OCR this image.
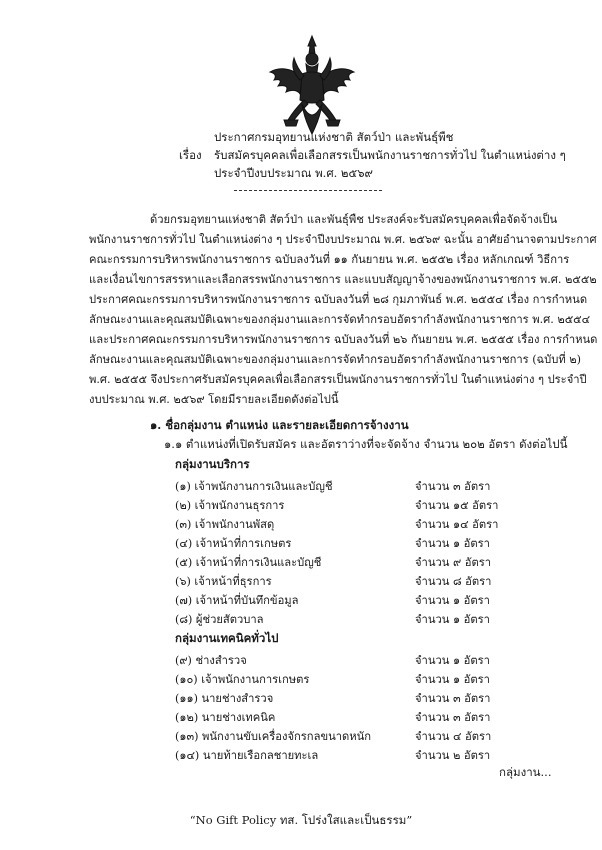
ประกาศกรมอุทยานแห่งชาติ สัตว์ป่า และพันธุ์พืช
เรื่อง รับสมัครบุคคลเพื่อเลือกสรรเป็นพนักงานราชการทั่วไป ในตำแหน่งต่าง ๆ
ประจำปีงบประมาณ พ.ศ. ๒๕๖๙
ด้วยกรมอุทยานแห่งชาติ สัตว์ป่า และพันธุ์พืช ประสงค์จะรับสมัครบุคคลเพื่อจัดจ้างเป็น
พนักงานราชการทั่วไป ในตำแหน่งต่าง ๆ ประจำปีงบประมาณ พ.ศ. ๒๕๖๙ ฉะนั้น อาศัยอำนาจตามประกาศ
คณะกรรมการบริหารพนักงานราชการ ฉบับลงวันที่ ๑๑ กันยายน พ.ศ. ๒๕๕๒ เรื่อง หลักเกณฑ์ วิธีการ
และเงื่อนไขการสรรหาและเลือกสรรพนักงานราชการ และแบบสัญญาจ้างของพนักงานราชการ พ.ศ. ๒๕๕๒
ประกาศคณะกรรมการบริหารพนักงานราชการ ฉบับลงวันที่ ๒๘ กุมภาพันธ์ พ.ศ. ๒๕๕๔ เรื่อง การกำหนด
ลักษณะงานและคุณสมบัติเฉพาะของกลุ่มงานและการจัดทำกรอบอัตรากำลังพนักงานราชการ พ.ศ. ๒๕๕๔
และประกาศคณะกรรมการบริหารพนักงานราชการ ฉบับลงวันที่ ๒๖ กันยายน พ.ศ. ๒๕๕๕ เรื่อง การกำหนด
ลักษณะงานและคุณสมบัติเฉพาะของกลุ่มงานและการจัดทำกรอบอัตรากำลังพนักงานราชการ (ฉบับที่ ๒)
พ.ศ. ๒๕๕๕ จึงประกาศรับสมัครบุคคลเพื่อเลือกสรรเป็นพนักงานราชการทั่วไป ในตำแหน่งต่าง ๆ ประจำปี
งบประมาณ พ.ศ. ๒๕๖๙ โดยมีรายละเอียดดังต่อไปนี้
๑. ชื่อกลุ่มงาน ตำแหน่ง และรายละเอียดการจ้างงาน
๑.๑ ตำแหน่งที่เปิดรับสมัคร และอัตราว่างที่จะจัดจ้าง จำนวน ๒๐๒ อัตรา ดังต่อไปนี้
กลุ่มงานบริการ
(๑) เจ้าพนักงานการเงินและบัญชี	จำนวน ๓ อัตรา
(๒) เจ้าพนักงานธุรการ	จำนวน ๑๕ อัตรา
(๓) เจ้าพนักงานพัสดุ	จำนวน ๑๔ อัตรา
(๔) เจ้าหน้าที่การเกษตร	จำนวน ๑ อัตรา
(๕) เจ้าหน้าที่การเงินและบัญชี	จำนวน ๙ อัตรา
(๖) เจ้าหน้าที่ธุรการ	จำนวน ๘ อัตรา
(๗) เจ้าหน้าที่บันทึกข้อมูล	จำนวน ๑ อัตรา
(๘) ผู้ช่วยสัตวบาล	จำนวน ๑ อัตรา
กลุ่มงานเทคนิคทั่วไป
(๙) ช่างสำรวจ	จำนวน ๑ อัตรา
(๑๐) เจ้าพนักงานการเกษตร	จำนวน ๑ อัตรา
(๑๑) นายช่างสำรวจ	จำนวน ๓ อัตรา
(๑๒) นายช่างเทคนิค	จำนวน ๓ อัตรา
(๑๓) พนักงานขับเครื่องจักรกลขนาดหนัก	จำนวน ๔ อัตรา
(๑๔) นายท้ายเรือกลชายทะเล	จำนวน ๒ อัตรา
กลุ่มงาน...
“No Gift Policy ทส. โปร่งใสและเป็นธรรม”
